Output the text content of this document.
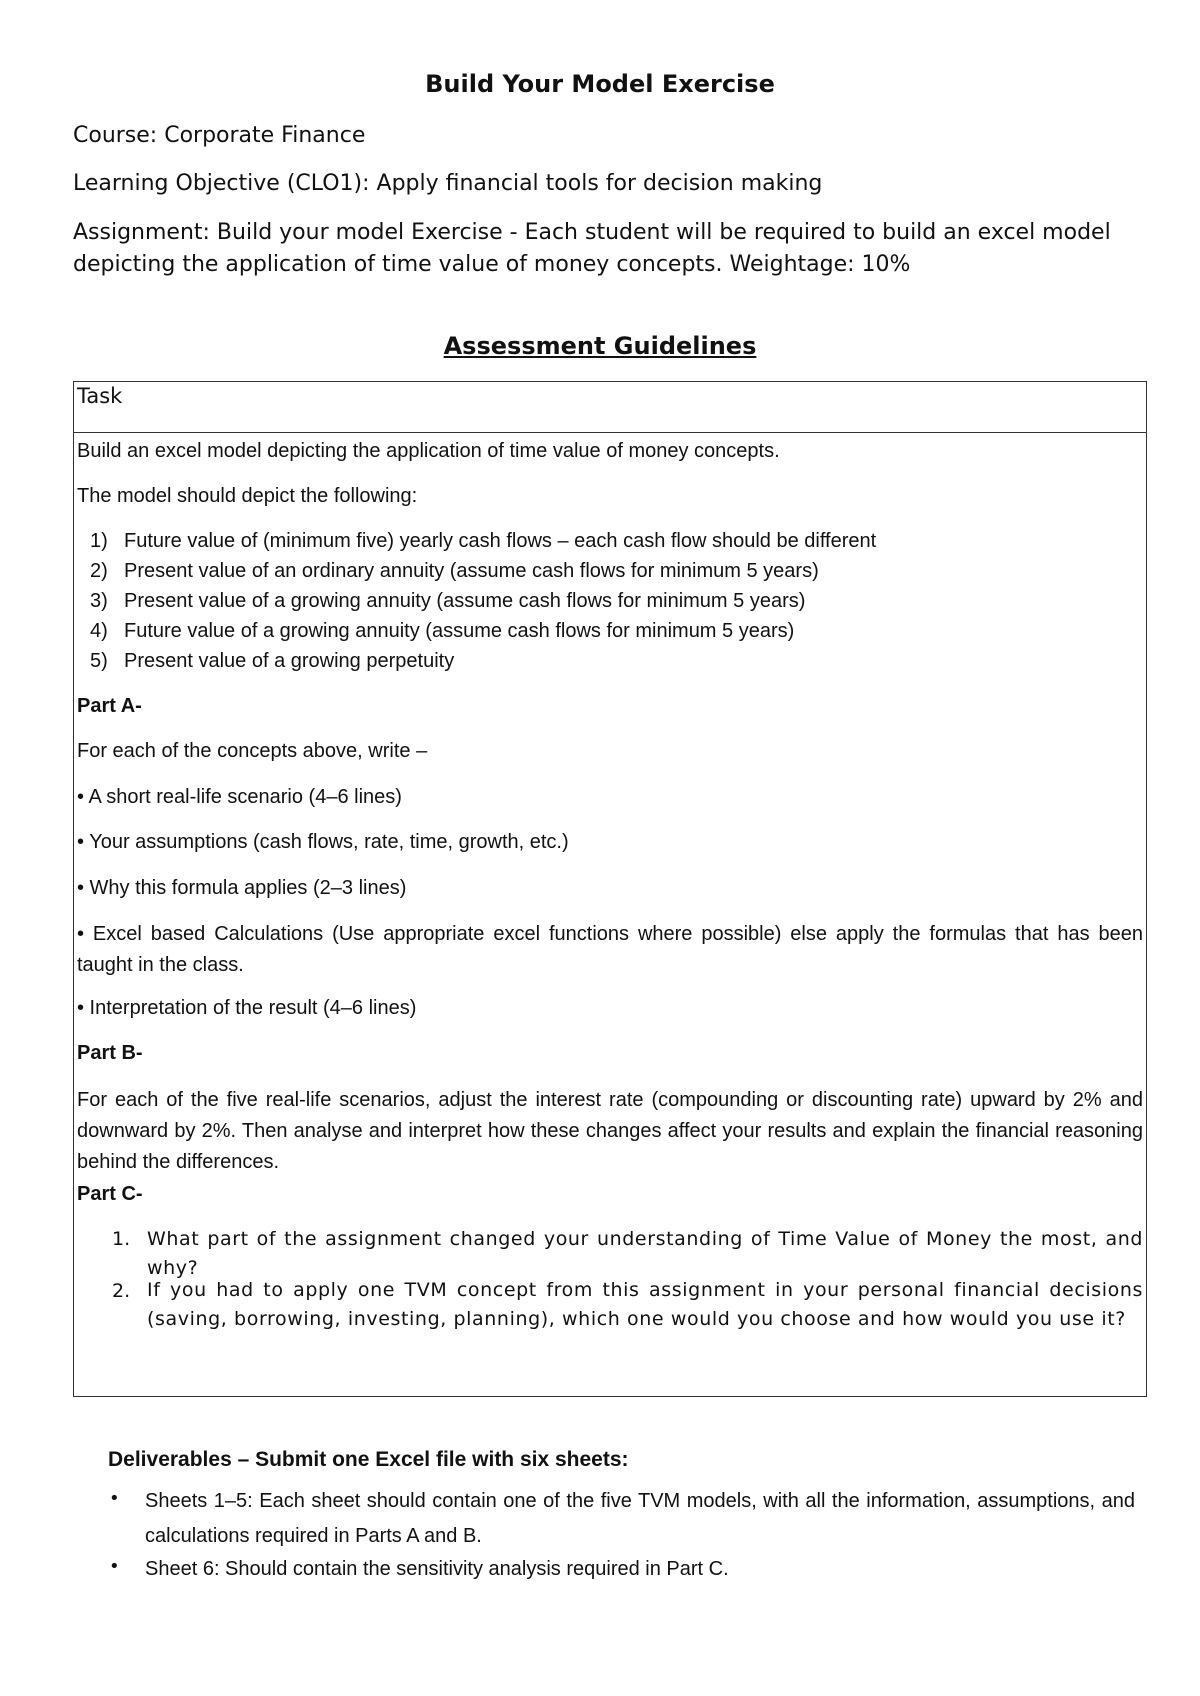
Build Your Model Exercise
Course: Corporate Finance
Learning Objective (CLO1): Apply financial tools for decision making
Assignment: Build your model Exercise - Each student will be required to build an excel model depicting the application of time value of money concepts. Weightage: 10%
Assessment Guidelines
Task
Build an excel model depicting the application of time value of money concepts.
The model should depict the following:
1) Future value of (minimum five) yearly cash flows – each cash flow should be different
2) Present value of an ordinary annuity (assume cash flows for minimum 5 years)
3) Present value of a growing annuity (assume cash flows for minimum 5 years)
4) Future value of a growing annuity (assume cash flows for minimum 5 years)
5) Present value of a growing perpetuity
Part A-
For each of the concepts above, write –
• A short real-life scenario (4–6 lines)
• Your assumptions (cash flows, rate, time, growth, etc.)
• Why this formula applies (2–3 lines)
• Excel based Calculations (Use appropriate excel functions where possible) else apply the formulas that has been taught in the class.
• Interpretation of the result (4–6 lines)
Part B-
For each of the five real-life scenarios, adjust the interest rate (compounding or discounting rate) upward by 2% and downward by 2%. Then analyse and interpret how these changes affect your results and explain the financial reasoning behind the differences.
Part C-
1. What part of the assignment changed your understanding of Time Value of Money the most, and why?
2. If you had to apply one TVM concept from this assignment in your personal financial decisions (saving, borrowing, investing, planning), which one would you choose and how would you use it?
Deliverables – Submit one Excel file with six sheets:
• Sheets 1–5: Each sheet should contain one of the five TVM models, with all the information, assumptions, and calculations required in Parts A and B.
• Sheet 6: Should contain the sensitivity analysis required in Part C.
